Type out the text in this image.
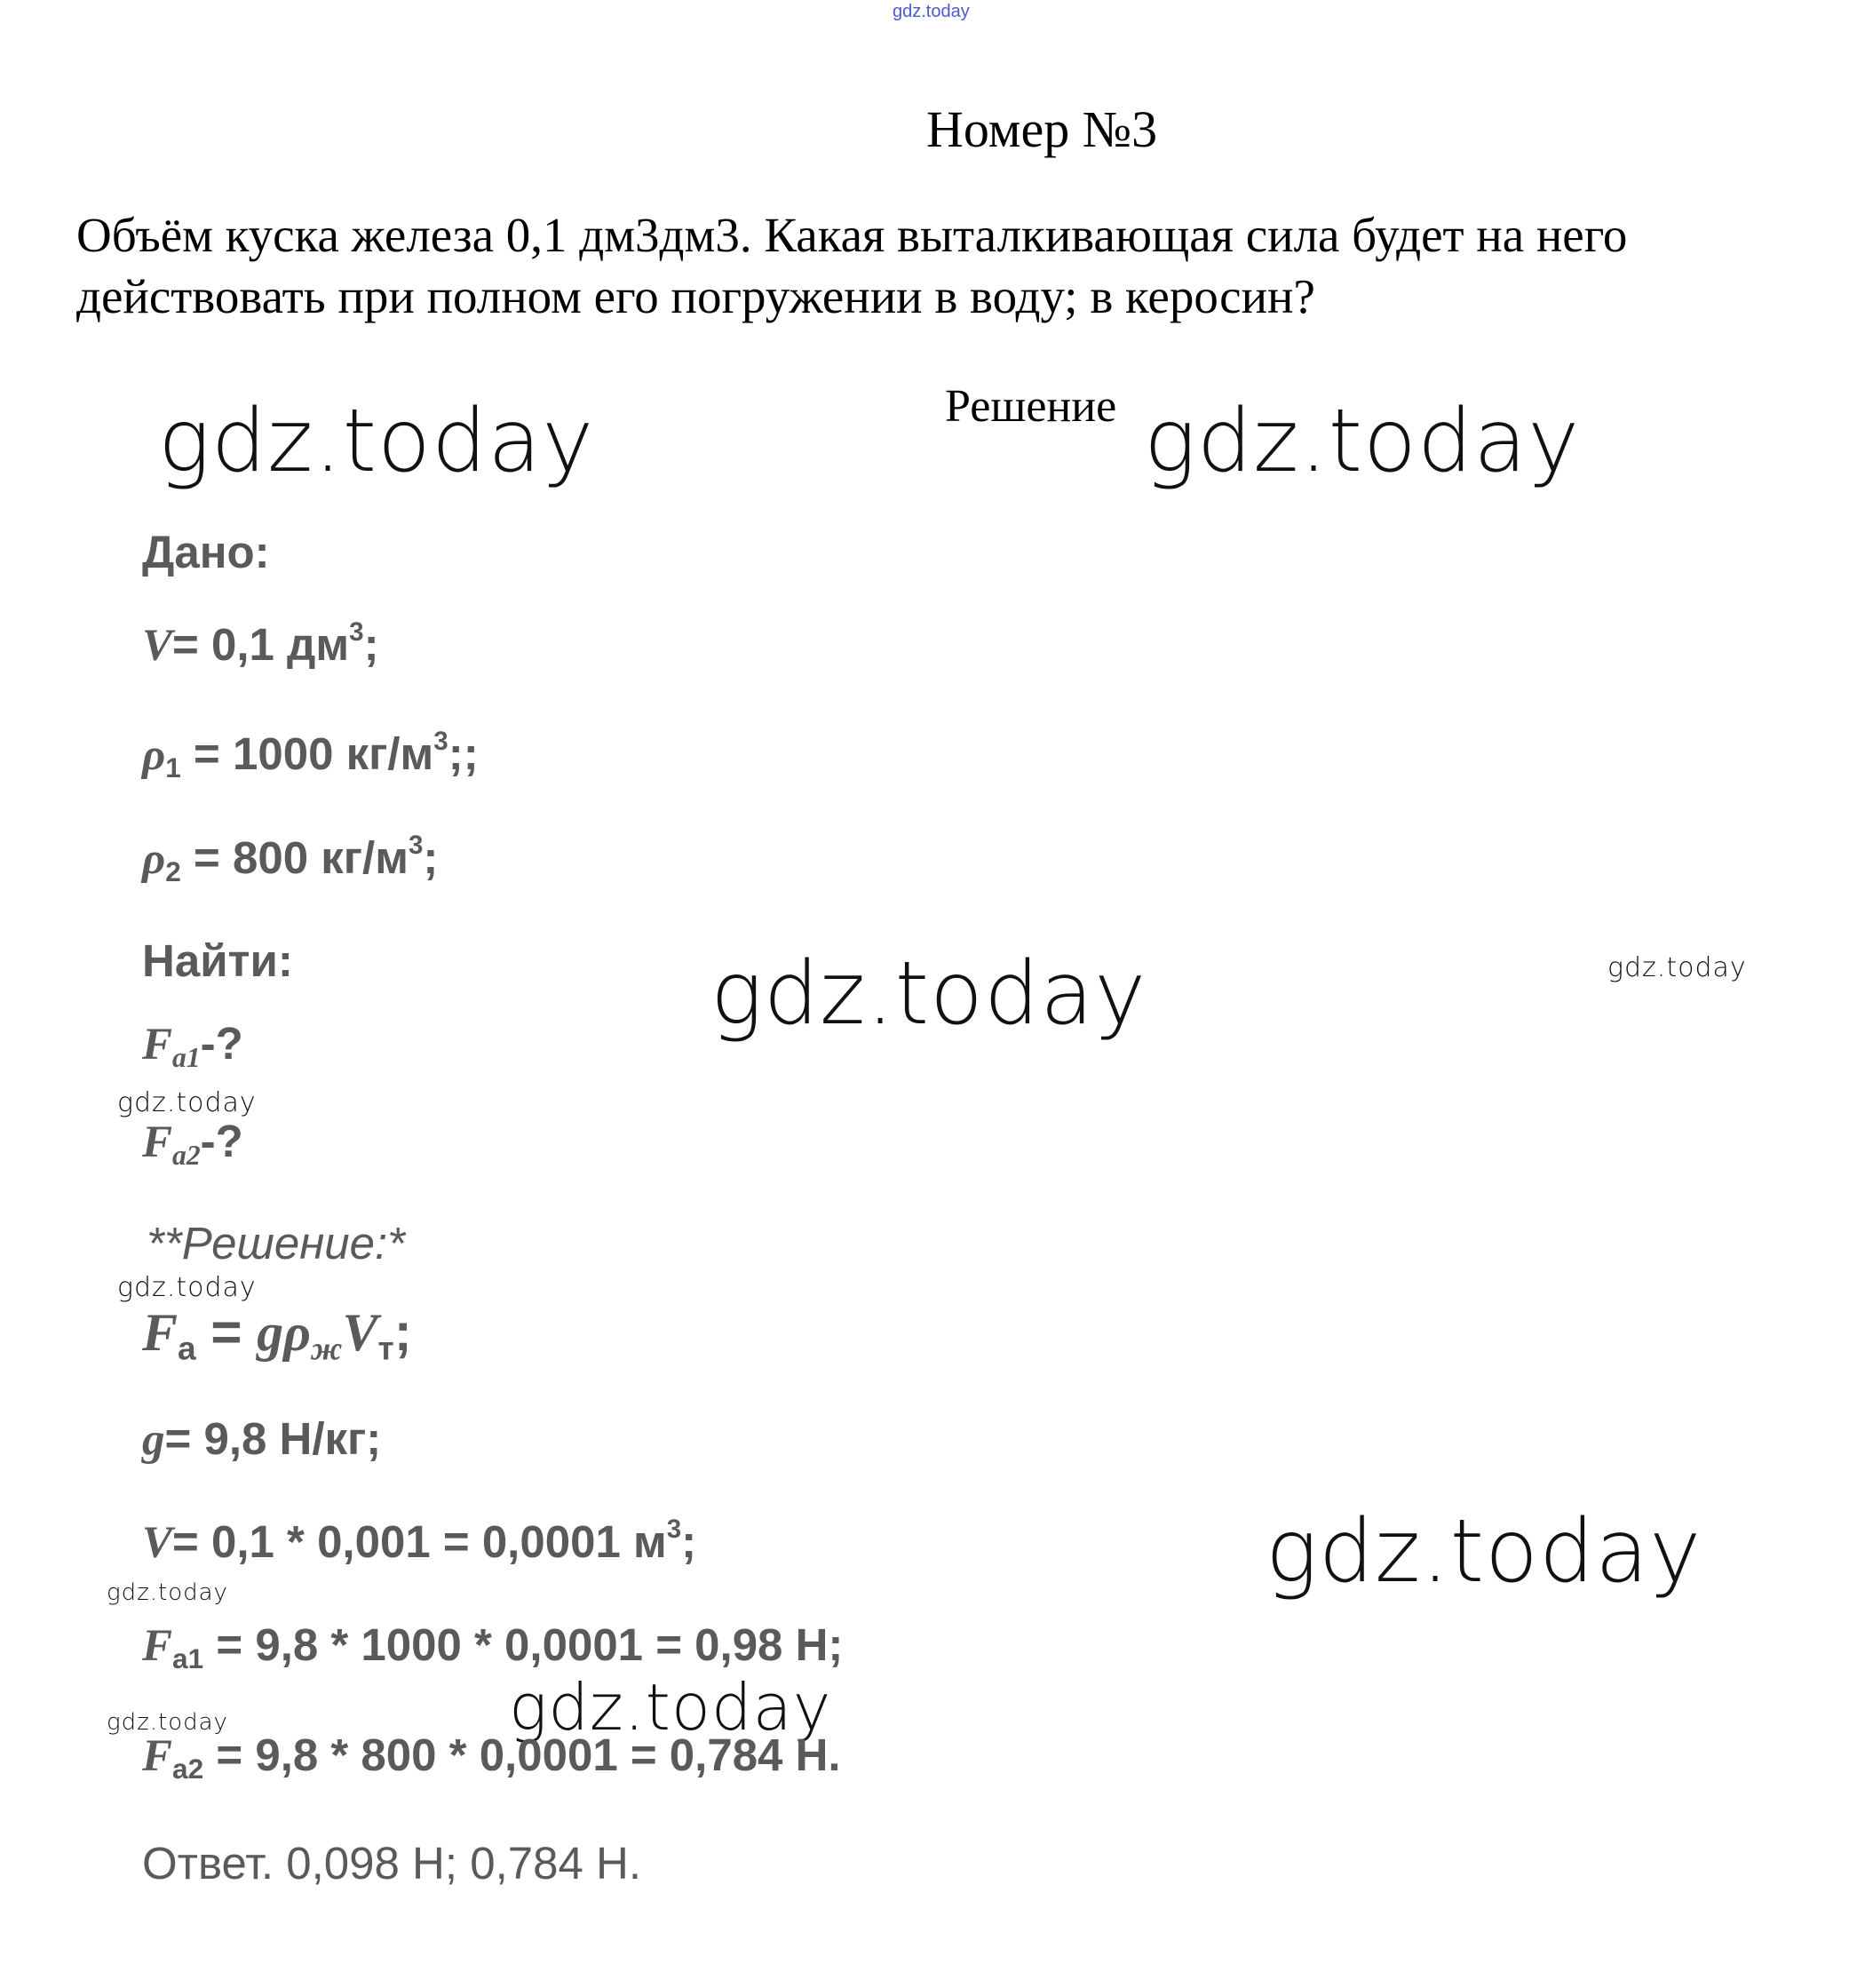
gdz.today
Номер №3
Объём куска железа 0,1 дм3дм3. Какая выталкивающая сила будет на него действовать при полном его погружении в воду; в керосин?
Решение
gdz.today	gdz.today
gdz.today	gdz.today
gdz.today
gdz.today
gdz.today
gdz.today
gdz.today
gdz.today
Дано:
V= 0,1 $дм^3$;
$\rho_1 = 1000$ $кг/м^3$;;
$\rho_2 = 800$ $кг/м^3$;
Найти:
$F_{a1}-$?
$F_{a2}-$?
**Решение:*
$F_a = g\rho_жV_т$;
g= 9,8 Н/кг;
V= 0,1 * 0,001 = 0,0001 $м^3$;
$F_{a1} = 9,8 * 1000 * 0,0001 = 0,98$ Н;
$F_{a2} = 9,8 * 800 * 0,0001 = 0,784$ Н.
Ответ. 0,098 Н; 0,784 Н.
